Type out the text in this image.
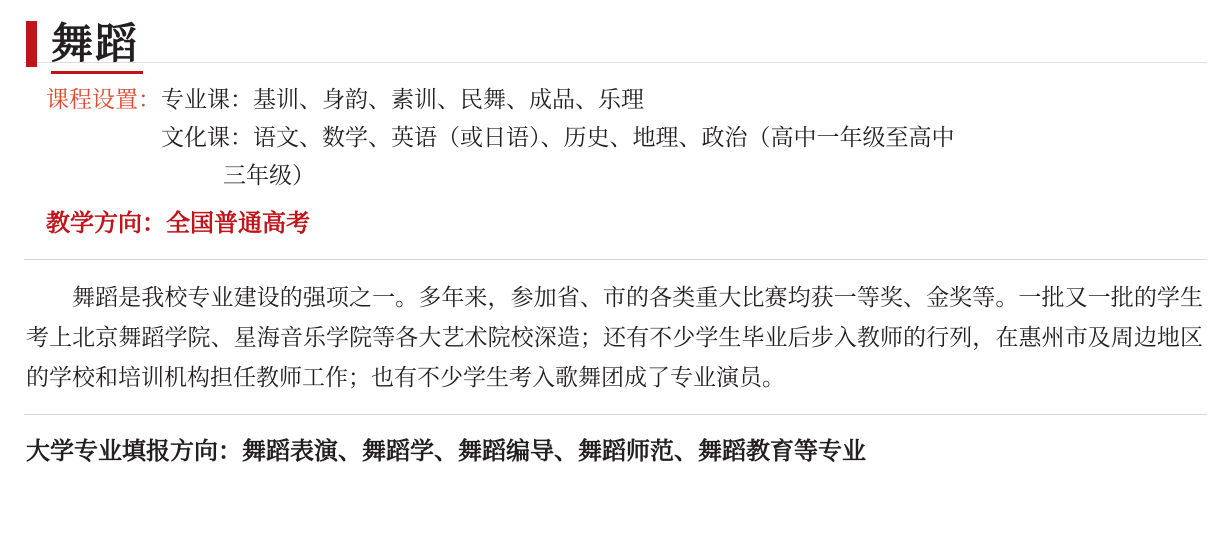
舞蹈
课程设置： 专业课：基训、身韵、素训、民舞、成品、乐理
文化课：语文、数学、英语（或日语）、历史、地理、政治（高中一年级至高中
三年级）
教学方向： 全国普通高考

舞蹈是我校专业建设的强项之一。多年来，参加省、市的各类重大比赛均获一等奖、金奖等。一批又一批的学生考上北京舞蹈学院、星海音乐学院等各大艺术院校深造；还有不少学生毕业后步入教师的行列，在惠州市及周边地区的学校和培训机构担任教师工作；也有不少学生考入歌舞团成了专业演员。

大学专业填报方向： 舞蹈表演、舞蹈学、舞蹈编导、舞蹈师范、舞蹈教育等专业
